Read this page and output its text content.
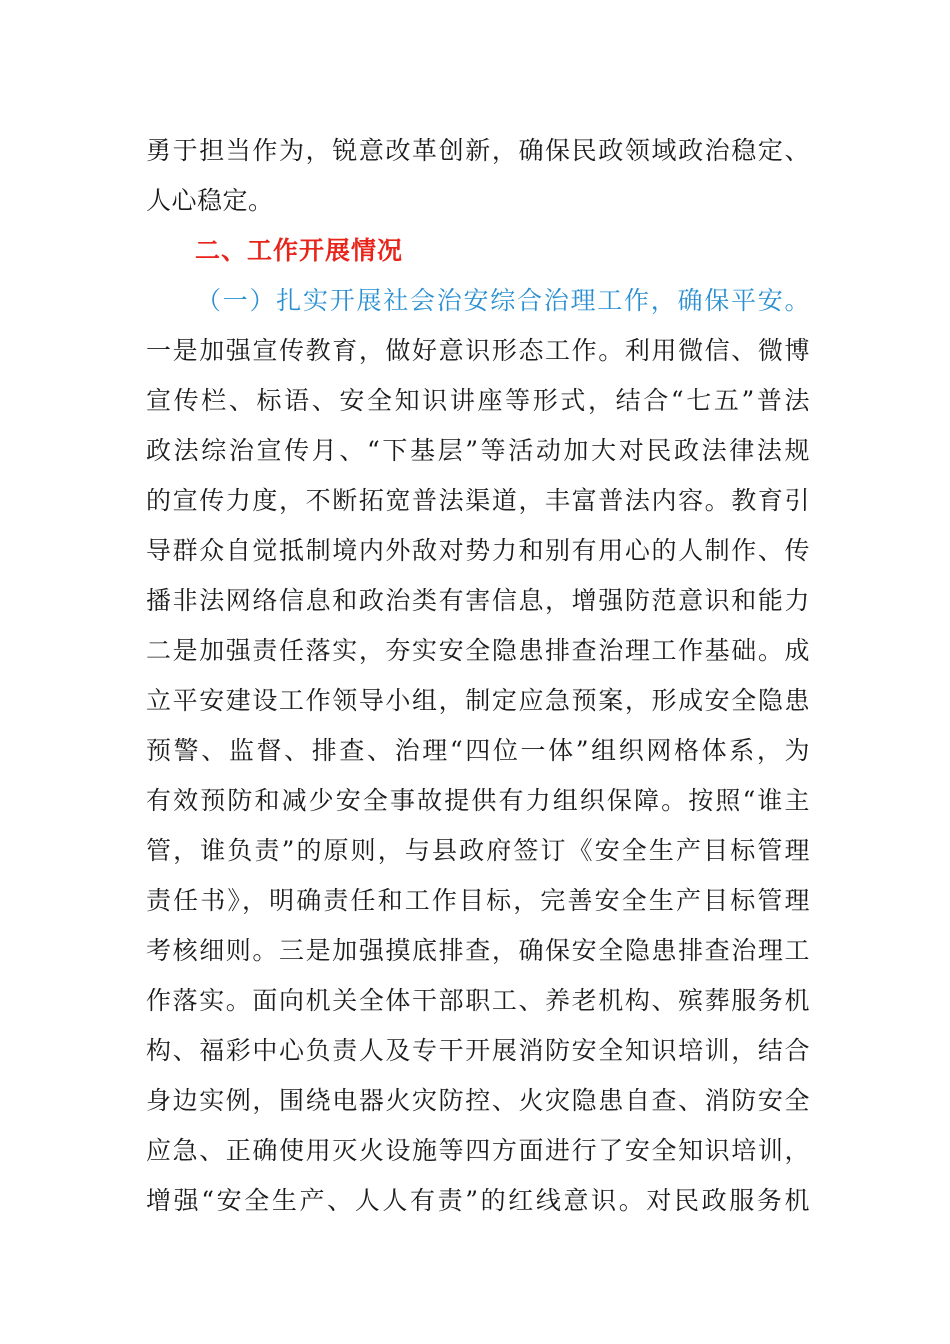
勇于担当作为，锐意改革创新，确保民政领域政治稳定、
人心稳定。
二、工作开展情况
（一）扎实开展社会治安综合治理工作，确保平安。
一是加强宣传教育，做好意识形态工作。利用微信、微博
宣传栏、标语、安全知识讲座等形式，结合“七五”普法
政法综治宣传月、“下基层”等活动加大对民政法律法规
的宣传力度，不断拓宽普法渠道，丰富普法内容。教育引
导群众自觉抵制境内外敌对势力和别有用心的人制作、传
播非法网络信息和政治类有害信息，增强防范意识和能力
二是加强责任落实，夯实安全隐患排查治理工作基础。成
立平安建设工作领导小组，制定应急预案，形成安全隐患
预警、监督、排查、治理“四位一体”组织网格体系，为
有效预防和减少安全事故提供有力组织保障。按照“谁主
管，谁负责”的原则，与县政府签订《安全生产目标管理
责任书》，明确责任和工作目标，完善安全生产目标管理
考核细则。三是加强摸底排查，确保安全隐患排查治理工
作落实。面向机关全体干部职工、养老机构、殡葬服务机
构、福彩中心负责人及专干开展消防安全知识培训，结合
身边实例，围绕电器火灾防控、火灾隐患自查、消防安全
应急、正确使用灭火设施等四方面进行了安全知识培训，
增强“安全生产、人人有责”的红线意识。对民政服务机
